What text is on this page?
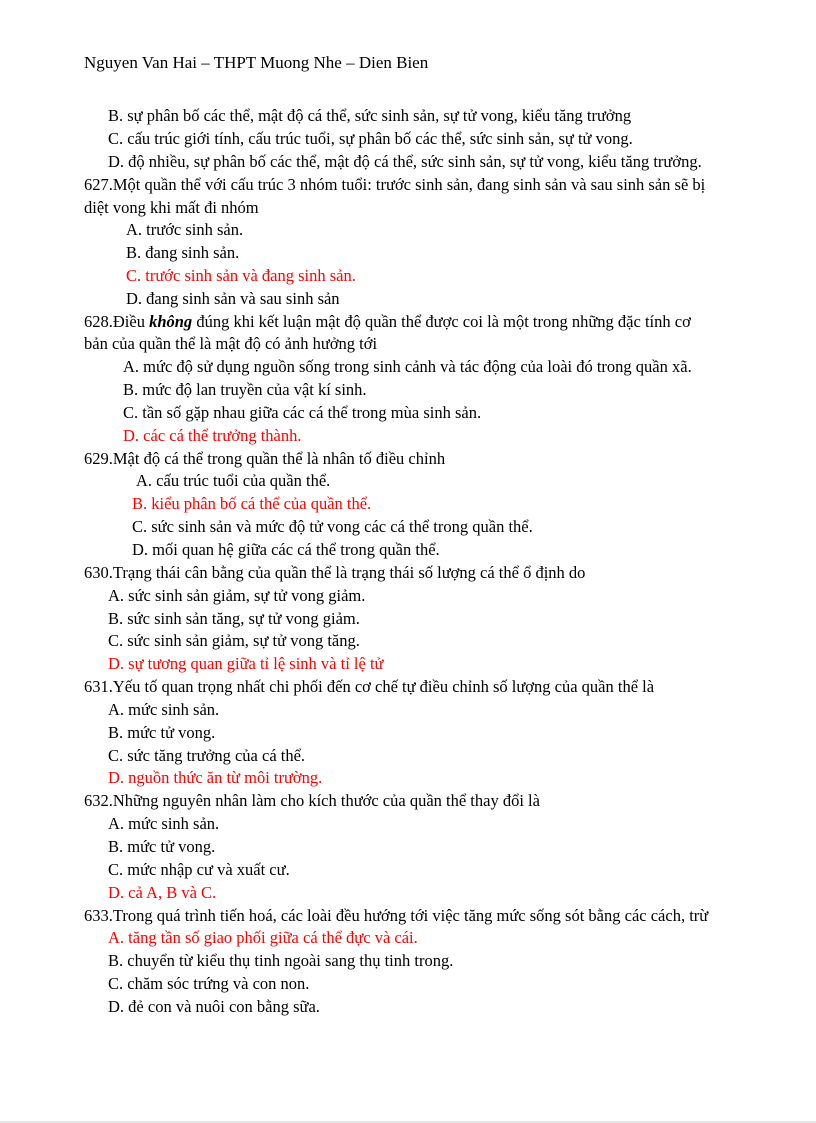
Nguyen Van Hai – THPT Muong Nhe – Dien Bien
B. sự phân bố các thể, mật độ cá thể, sức sinh sản, sự tử vong, kiểu tăng trưởng
C. cấu trúc giới tính, cấu trúc tuổi, sự phân bố các thể, sức sinh sản, sự tử vong.
D. độ nhiều, sự phân bố các thể, mật độ cá thể, sức sinh sản, sự tử vong, kiểu tăng trưởng.
627.Một quần thể với cấu trúc 3 nhóm tuổi: trước sinh sản, đang sinh sản và sau sinh sản sẽ bị
diệt vong khi mất đi nhóm
A. trước sinh sản.
B. đang sinh sản.
C. trước sinh sản và đang sinh sản.
D. đang sinh sản và sau sinh sản
628.Điều không đúng khi kết luận mật độ quần thể được coi là một trong những đặc tính cơ
bản của quần thể là mật độ có ảnh hưởng tới
A. mức độ sử dụng nguồn sống trong sinh cảnh và tác động của loài đó trong quần xã.
B. mức độ lan truyền của vật kí sinh.
C. tần số gặp nhau giữa các cá thể trong mùa sinh sản.
D. các cá thể trưởng thành.
629.Mật độ cá thể trong quần thể là nhân tố điều chỉnh
A. cấu trúc tuổi của quần thể.
B. kiểu phân bố cá thể của quần thể.
C. sức sinh sản và mức độ tử vong các cá thể trong quần thể.
D. mối quan hệ giữa các cá thể trong quần thể.
630.Trạng thái cân bằng của quần thể là trạng thái số lượng cá thể ổ định do
A. sức sinh sản giảm, sự tử vong giảm.
B. sức sinh sản tăng, sự tử vong giảm.
C. sức sinh sản giảm, sự tử vong tăng.
D. sự tương quan giữa tỉ lệ sinh và tỉ lệ tử
631.Yếu tố quan trọng nhất chi phối đến cơ chế tự điều chỉnh số lượng của quần thể là
A. mức sinh sản.
B. mức tử vong.
C. sức tăng trưởng của cá thể.
D. nguồn thức ăn từ môi trường.
632.Những nguyên nhân làm cho kích thước của quần thể thay đổi là
A. mức sinh sản.
B. mức tử vong.
C. mức nhập cư và xuất cư.
D. cả A, B và C.
633.Trong quá trình tiến hoá, các loài đều hướng tới việc tăng mức sống sót bằng các cách, trừ
A. tăng tần số giao phối giữa cá thể đực và cái.
B. chuyển từ kiểu thụ tinh ngoài sang thụ tinh trong.
C. chăm sóc trứng và con non.
D. đẻ con và nuôi con bằng sữa.
